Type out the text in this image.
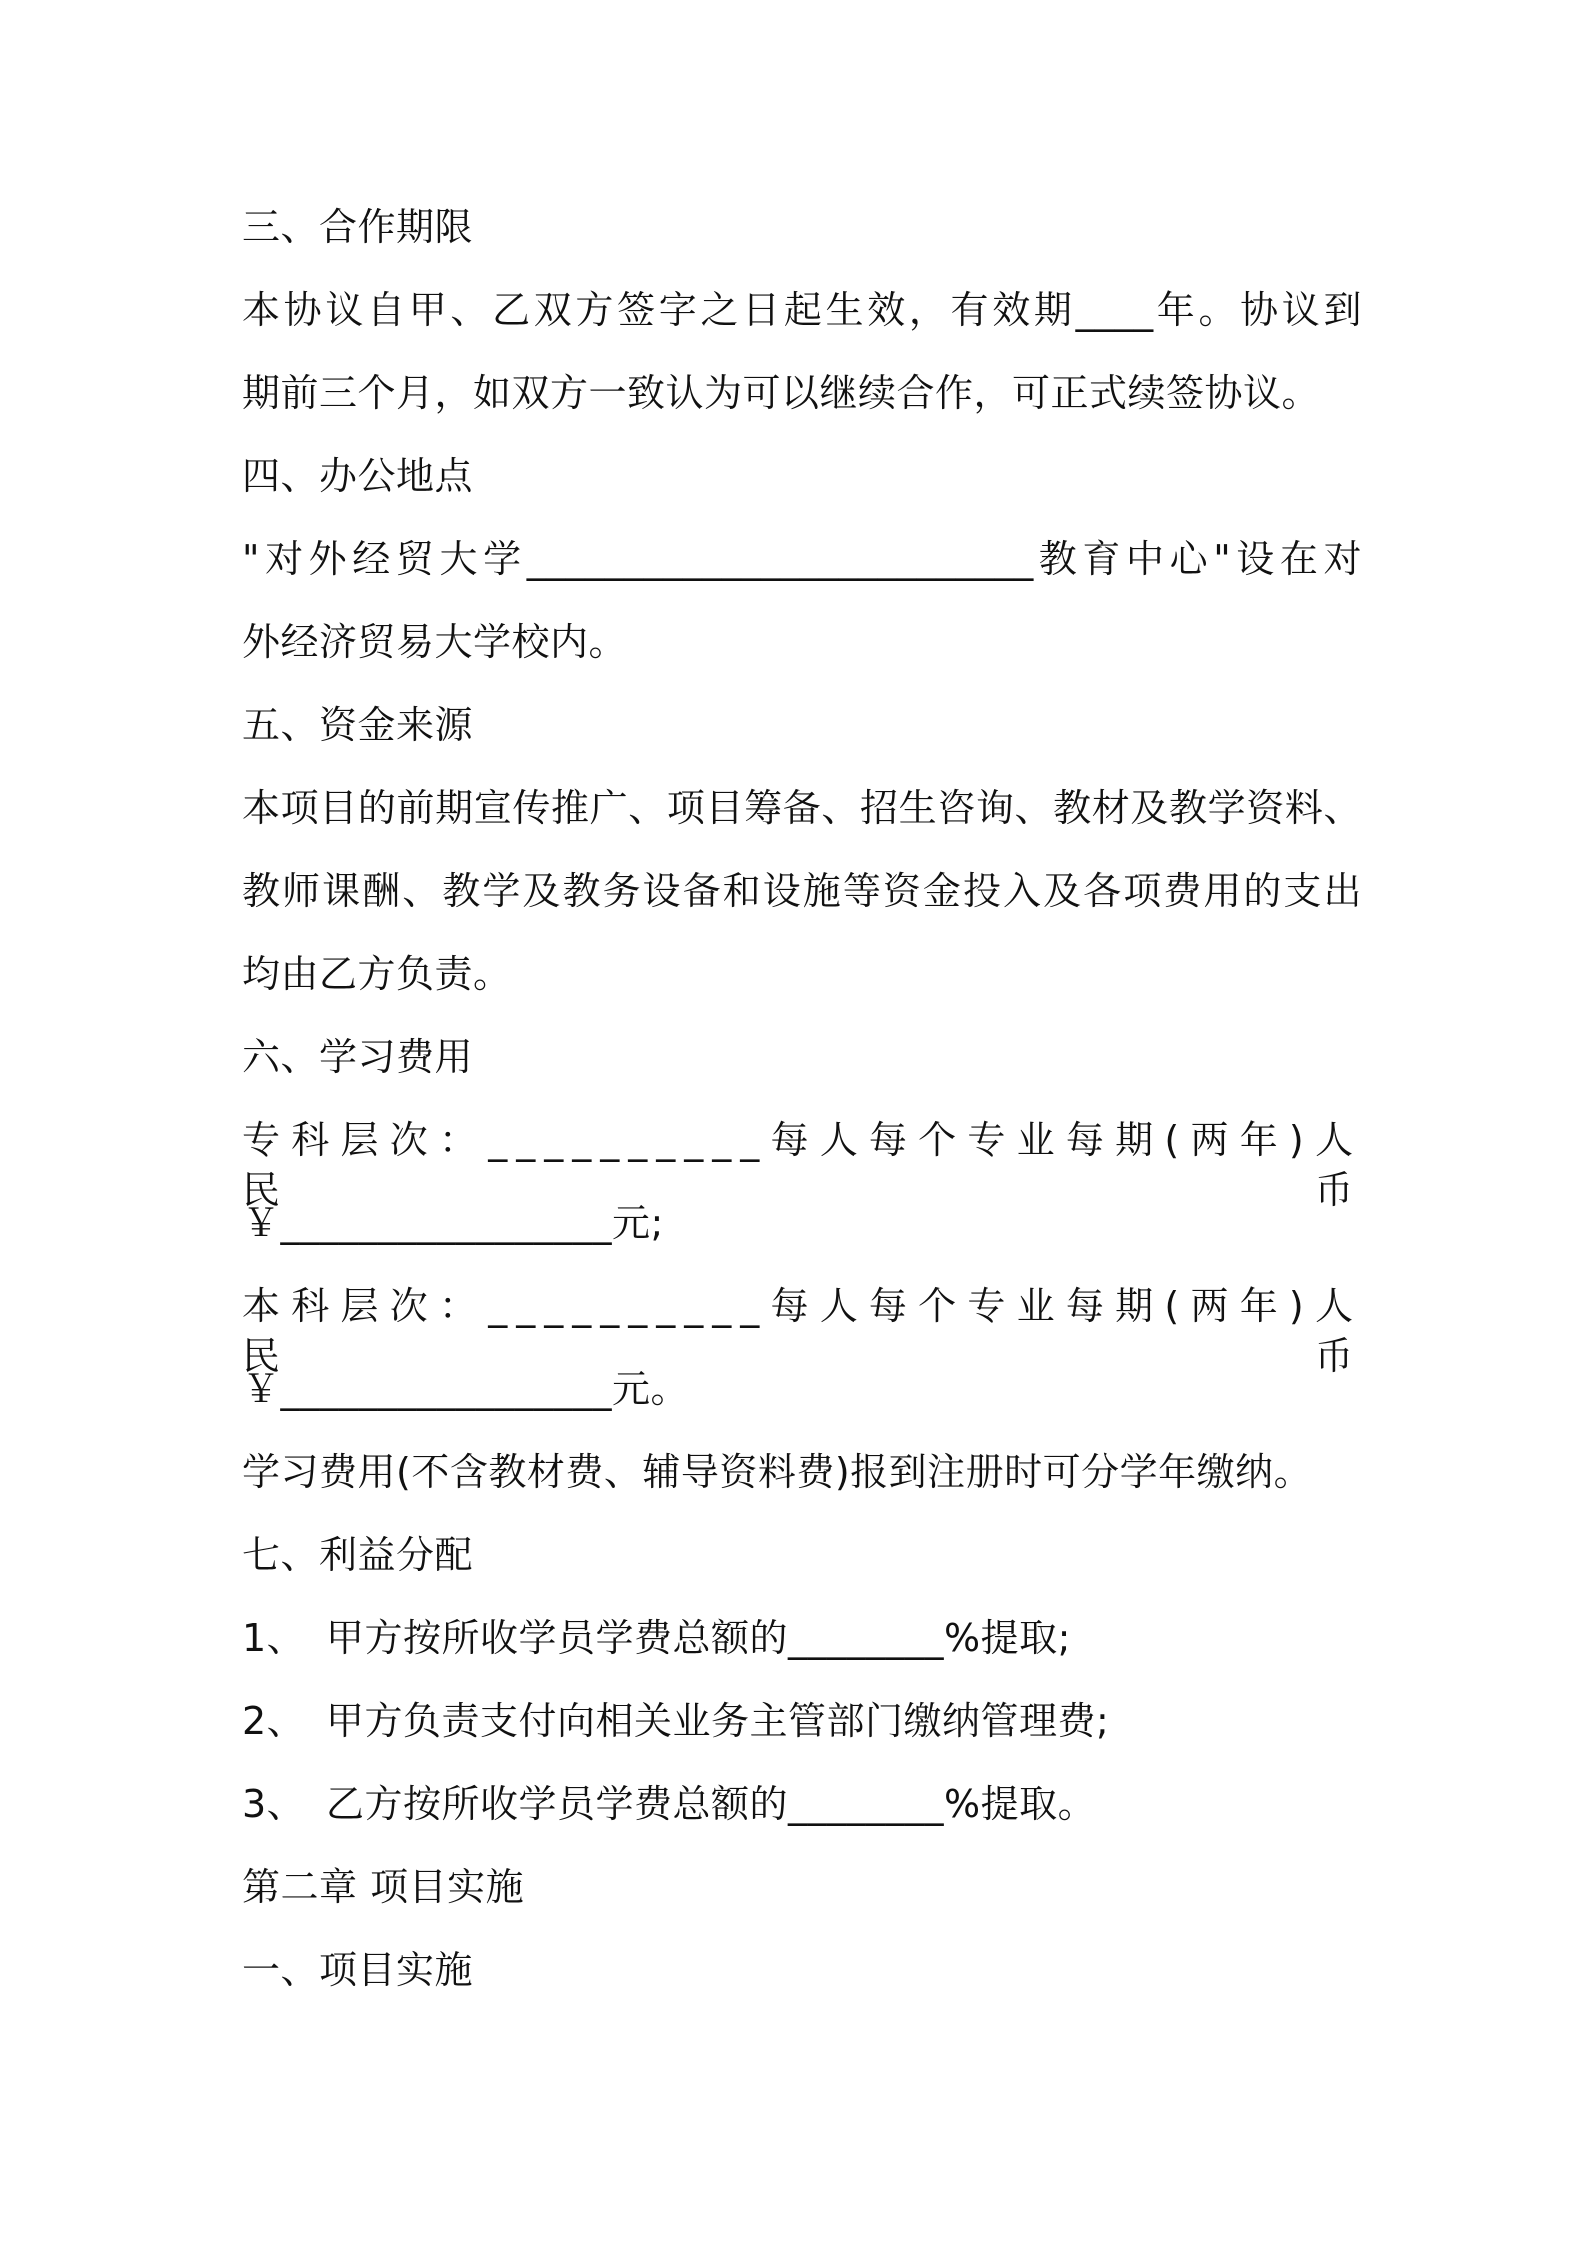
三、合作期限
本协议自甲、乙双方签字之日起生效，有效期____年。协议到
期前三个月，如双方一致认为可以继续合作，可正式续签协议。
四、办公地点
"对外经贸大学__________________________教育中心"设在对
外经济贸易大学校内。
五、资金来源
本项目的前期宣传推广、项目筹备、招生咨询、教材及教学资料、
教师课酬、教学及教务设备和设施等资金投入及各项费用的支出
均由乙方负责。
六、学习费用
专科层次：__________每人每个专业每期(两年)人民币
￥_________________元;
本科层次：__________每人每个专业每期(两年)人民币
￥_________________元。
学习费用(不含教材费、辅导资料费)报到注册时可分学年缴纳。
七、利益分配
1、 甲方按所收学员学费总额的________%提取;
2、 甲方负责支付向相关业务主管部门缴纳管理费;
3、 乙方按所收学员学费总额的________%提取。
第二章 项目实施
一、项目实施
